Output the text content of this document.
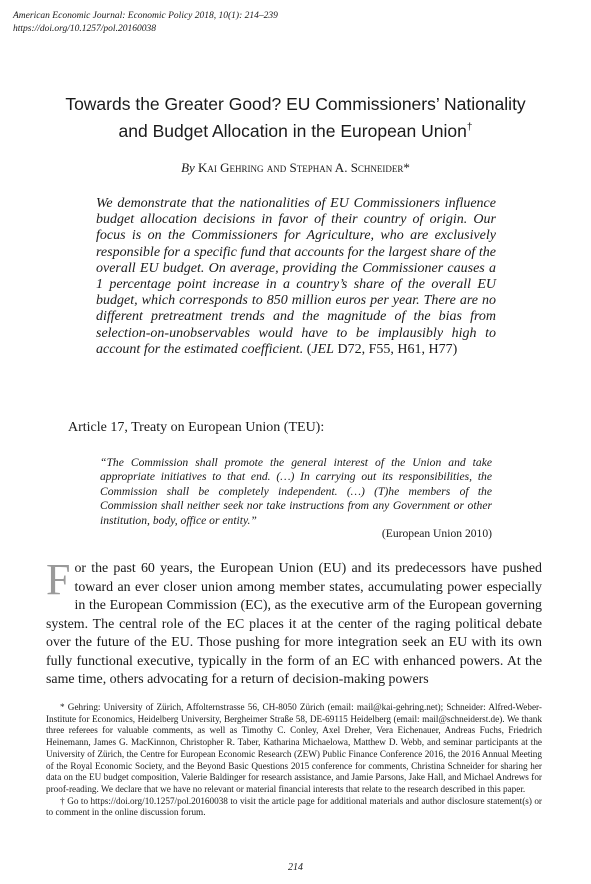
American Economic Journal: Economic Policy 2018, 10(1): 214–239
https://doi.org/10.1257/pol.20160038
Towards the Greater Good? EU Commissioners’ Nationality
and Budget Allocation in the European Union†
By Kai Gehring and Stephan A. Schneider*
We demonstrate that the nationalities of EU Commissioners influence budget allocation decisions in favor of their country of origin. Our focus is on the Commissioners for Agriculture, who are exclusively responsible for a specific fund that accounts for the largest share of the overall EU budget. On average, providing the Commissioner causes a 1 percentage point increase in a country’s share of the overall EU budget, which corresponds to 850 million euros per year. There are no different pretreatment trends and the magnitude of the bias from selection-on-unobservables would have to be implausibly high to account for the estimated coefficient. (JEL D72, F55, H61, H77)
Article 17, Treaty on European Union (TEU):
“The Commission shall promote the general interest of the Union and take appropriate initiatives to that end. (…) In carrying out its responsibilities, the Commission shall be completely independent. (…) (T)he members of the Commission shall neither seek nor take instructions from any Government or other institution, body, office or entity.”
(European Union 2010)
For the past 60 years, the European Union (EU) and its predecessors have pushed toward an ever closer union among member states, accumulating power especially in the European Commission (EC), as the executive arm of the European governing system. The central role of the EC places it at the center of the raging political debate over the future of the EU. Those pushing for more integration seek an EU with its own fully functional executive, typically in the form of an EC with enhanced powers. At the same time, others advocating for a return of decision-making powers

* Gehring: University of Zürich, Affolternstrasse 56, CH-8050 Zürich (email: mail@kai-gehring.net); Schneider: Alfred-Weber-Institute for Economics, Heidelberg University, Bergheimer Straße 58, DE-69115 Heidelberg (email: mail@schneiderst.de). We thank three referees for valuable comments, as well as Timothy C. Conley, Axel Dreher, Vera Eichenauer, Andreas Fuchs, Friedrich Heinemann, James G. MacKinnon, Christopher R. Taber, Katharina Michaelowa, Matthew D. Webb, and seminar participants at the University of Zürich, the Centre for European Economic Research (ZEW) Public Finance Conference 2016, the 2016 Annual Meeting of the Royal Economic Society, and the Beyond Basic Questions 2015 conference for comments, Christina Schneider for sharing her data on the EU budget composition, Valerie Baldinger for research assistance, and Jamie Parsons, Jake Hall, and Michael Andrews for proof-reading. We declare that we have no relevant or material financial interests that relate to the research described in this paper.

† Go to https://doi.org/10.1257/pol.20160038 to visit the article page for additional materials and author disclosure statement(s) or to comment in the online discussion forum.

214
